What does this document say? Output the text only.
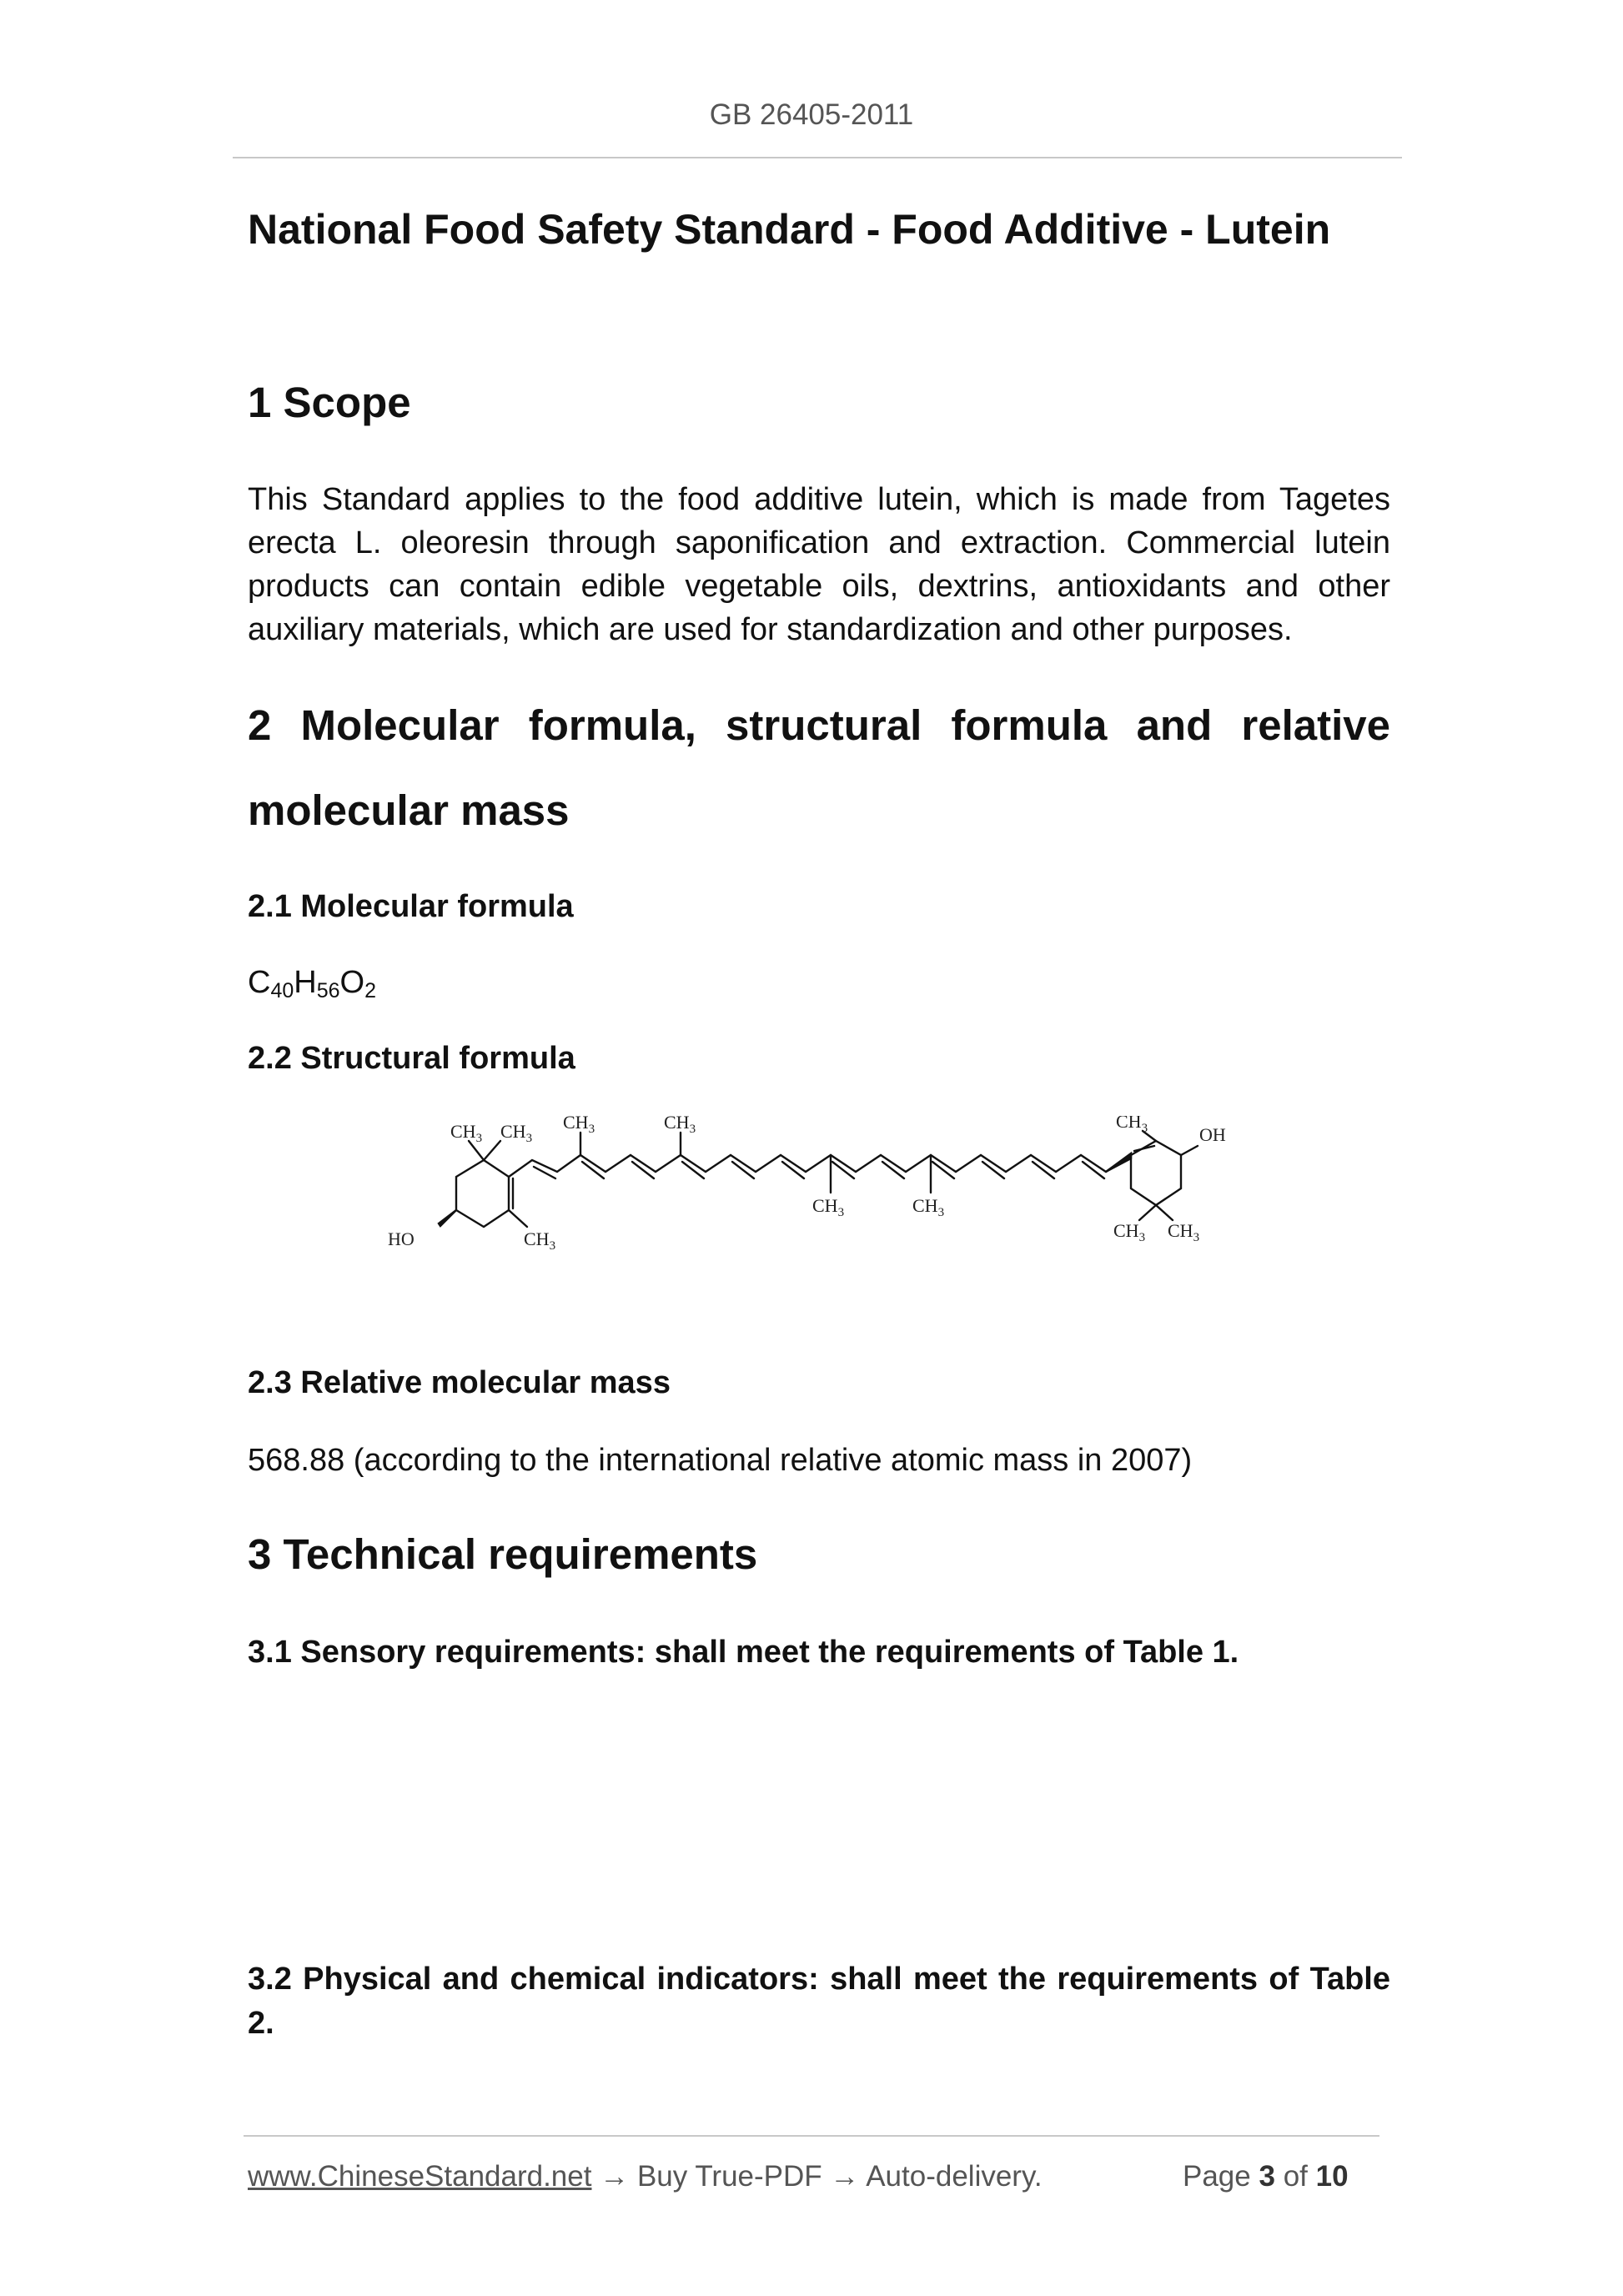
GB 26405-2011
National Food Safety Standard - Food Additive - Lutein
1 Scope
This Standard applies to the food additive lutein, which is made from Tagetes
erecta L. oleoresin through saponification and extraction. Commercial lutein
products can contain edible vegetable oils, dextrins, antioxidants and other
auxiliary materials, which are used for standardization and other purposes.
2 Molecular formula, structural formula and relative
molecular mass
2.1 Molecular formula
$C_{40}H_{56}O_2$
2.2 Structural formula
$CH_3$ $CH_3$
$CH_3$
HO
$CH_3$	$CH_3$
$CH_3$	$CH_3$
$CH_3$	OH
$CH_3$ $CH_3$
2.3 Relative molecular mass
568.88 (according to the international relative atomic mass in 2007)
3 Technical requirements
3.1 Sensory requirements: shall meet the requirements of Table 1.
3.2 Physical and chemical indicators: shall meet the requirements of Table
2.
www.ChineseStandard.net → Buy True-PDF → Auto-delivery.	Page 3 of 10
